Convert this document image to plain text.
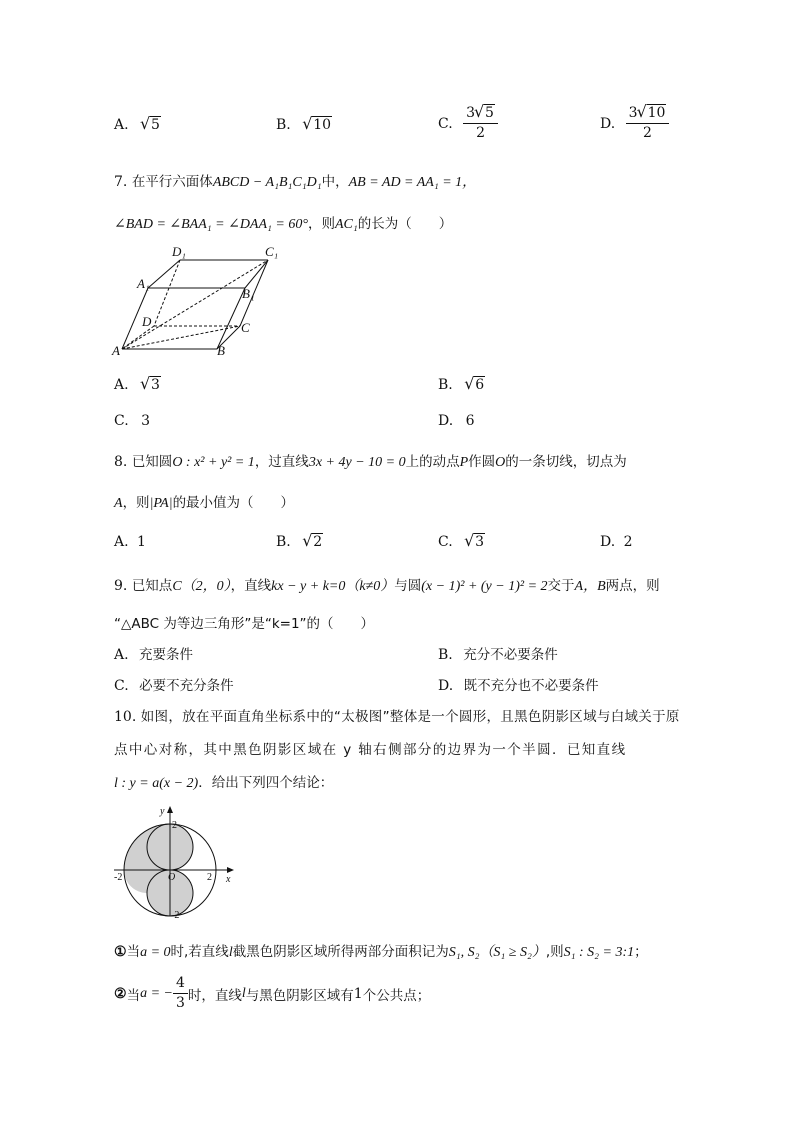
A. √ 5	B. √ 10	C. $\frac{3 √ 5}{2}$	D. $\frac{3 √ 10}{2}$
7. 在平行六面体ABCD − A₁B₁C₁D₁中，AB = AD = AA₁ = 1，
∠BAD = ∠BAA₁ = ∠DAA₁ = 60°，则AC₁的长为（　　）
D₁	C₁
A₁
B₁
D	C
A	B
A. √ 3	B. √ 6
C. 3	D. 6
8. 已知圆O : x² + y² = 1，过直线3x + 4y − 10 = 0上的动点P作圆O的一条切线，切点为
A，则|PA|的最小值为（　　）
A. 1	B. √ 2	C. √ 3	D. 2
9. 已知点C（2，0），直线kx − y + k=0（k≠0）与圆(x − 1)² + (y − 1)² = 2交于A，B两点，则
“△ABC 为等边三角形”是“k=1”的（　　）
A. 充要条件	B. 充分不必要条件
C. 必要不充分条件	D. 既不充分也不必要条件
10. 如图，放在平面直角坐标系中的“太极图”整体是一个圆形，且黑色阴影区域与白域关于原
点中心对称，其中黑色阴影区域在 y 轴右侧部分的边界为一个半圆．已知直线
l : y = a(x − 2)．给出下列四个结论：
y
x
2
-2	O	2
-2
①当a = 0时,若直线l截黑色阴影区域所得两部分面积记为S₁, S₂（S₁ ≥ S₂）,则S₁ : S₂ = 3:1；
②当a = − $\frac{4}{3}$ 时，直线l与黑色阴影区域有1个公共点；
